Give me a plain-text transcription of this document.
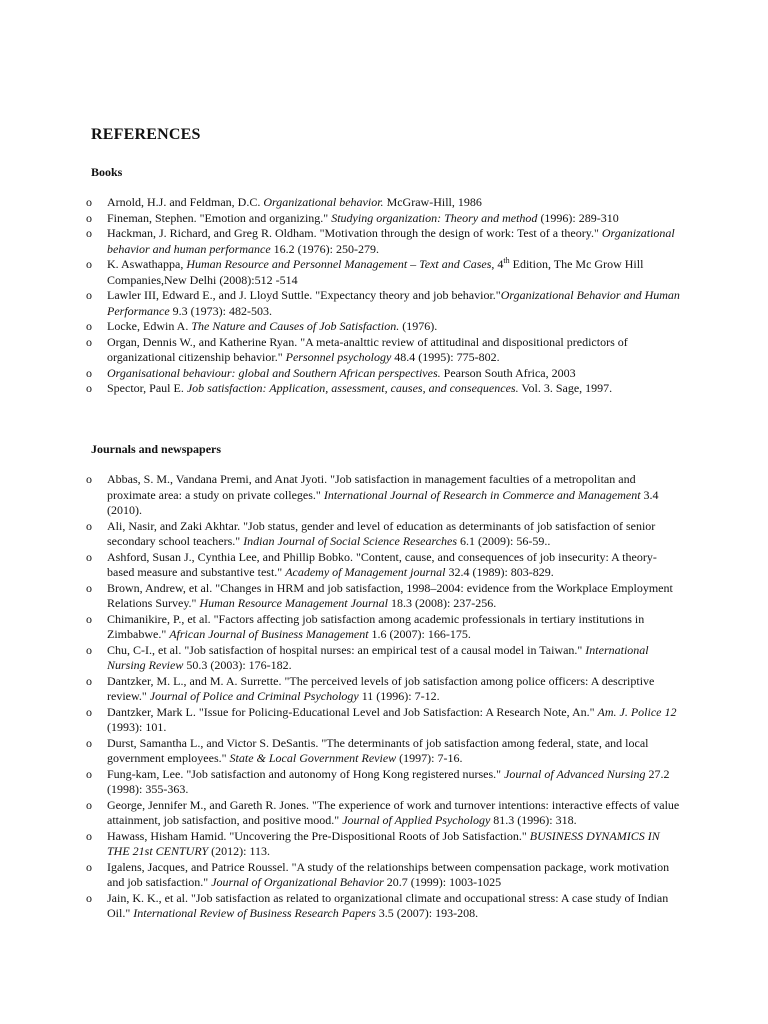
REFERENCES
Books
o Arnold, H.J. and Feldman, D.C. Organizational behavior. McGraw-Hill, 1986
o Fineman, Stephen. "Emotion and organizing." Studying organization: Theory and method (1996): 289-310
o Hackman, J. Richard, and Greg R. Oldham. "Motivation through the design of work: Test of a theory." Organizational behavior and human performance 16.2 (1976): 250-279.
o K. Aswathappa, Human Resource and Personnel Management – Text and Cases, 4th Edition, The Mc Grow Hill Companies,New Delhi (2008):512 -514
o Lawler III, Edward E., and J. Lloyd Suttle. "Expectancy theory and job behavior."Organizational Behavior and Human Performance 9.3 (1973): 482-503.
o Locke, Edwin A. The Nature and Causes of Job Satisfaction. (1976).
o Organ, Dennis W., and Katherine Ryan. "A meta-analttic review of attitudinal and dispositional predictors of organizational citizenship behavior." Personnel psychology 48.4 (1995): 775-802.
o Organisational behaviour: global and Southern African perspectives. Pearson South Africa, 2003
o Spector, Paul E. Job satisfaction: Application, assessment, causes, and consequences. Vol. 3. Sage, 1997.
Journals and newspapers
o Abbas, S. M., Vandana Premi, and Anat Jyoti. "Job satisfaction in management faculties of a metropolitan and proximate area: a study on private colleges." International Journal of Research in Commerce and Management 3.4 (2010).
o Ali, Nasir, and Zaki Akhtar. "Job status, gender and level of education as determinants of job satisfaction of senior secondary school teachers." Indian Journal of Social Science Researches 6.1 (2009): 56-59..
o Ashford, Susan J., Cynthia Lee, and Phillip Bobko. "Content, cause, and consequences of job insecurity: A theory-based measure and substantive test." Academy of Management journal 32.4 (1989): 803-829.
o Brown, Andrew, et al. "Changes in HRM and job satisfaction, 1998–2004: evidence from the Workplace Employment Relations Survey." Human Resource Management Journal 18.3 (2008): 237-256.
o Chimanikire, P., et al. "Factors affecting job satisfaction among academic professionals in tertiary institutions in Zimbabwe." African Journal of Business Management 1.6 (2007): 166-175.
o Chu, C-I., et al. "Job satisfaction of hospital nurses: an empirical test of a causal model in Taiwan." International Nursing Review 50.3 (2003): 176-182.
o Dantzker, M. L., and M. A. Surrette. "The perceived levels of job satisfaction among police officers: A descriptive review." Journal of Police and Criminal Psychology 11 (1996): 7-12.
o Dantzker, Mark L. "Issue for Policing-Educational Level and Job Satisfaction: A Research Note, An." Am. J. Police 12 (1993): 101.
o Durst, Samantha L., and Victor S. DeSantis. "The determinants of job satisfaction among federal, state, and local government employees." State & Local Government Review (1997): 7-16.
o Fung-kam, Lee. "Job satisfaction and autonomy of Hong Kong registered nurses." Journal of Advanced Nursing 27.2 (1998): 355-363.
o George, Jennifer M., and Gareth R. Jones. "The experience of work and turnover intentions: interactive effects of value attainment, job satisfaction, and positive mood." Journal of Applied Psychology 81.3 (1996): 318.
o Hawass, Hisham Hamid. "Uncovering the Pre-Dispositional Roots of Job Satisfaction." BUSINESS DYNAMICS IN THE 21st CENTURY (2012): 113.
o Igalens, Jacques, and Patrice Roussel. "A study of the relationships between compensation package, work motivation and job satisfaction." Journal of Organizational Behavior 20.7 (1999): 1003-1025
o Jain, K. K., et al. "Job satisfaction as related to organizational climate and occupational stress: A case study of Indian Oil." International Review of Business Research Papers 3.5 (2007): 193-208.
